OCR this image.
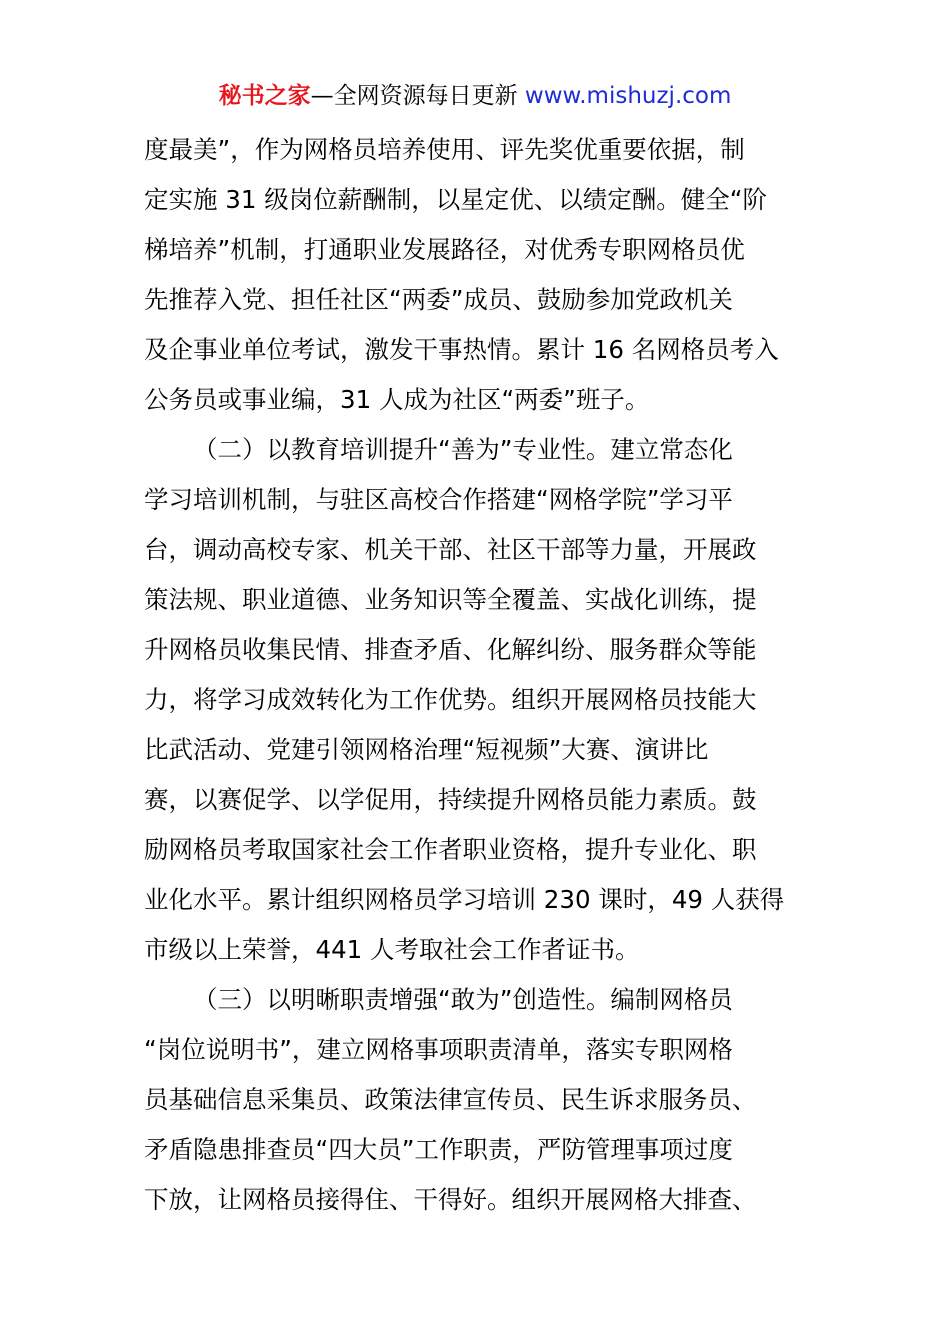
秘书之家—全网资源每日更新 www.mishuzj.com
度最美”，作为网格员培养使用、评先奖优重要依据，制
定实施 31 级岗位薪酬制，以星定优、以绩定酬。健全“阶
梯培养”机制，打通职业发展路径，对优秀专职网格员优
先推荐入党、担任社区“两委”成员、鼓励参加党政机关
及企事业单位考试，激发干事热情。累计 16 名网格员考入
公务员或事业编，31 人成为社区“两委”班子。
（二）以教育培训提升“善为”专业性。建立常态化
学习培训机制，与驻区高校合作搭建“网格学院”学习平
台，调动高校专家、机关干部、社区干部等力量，开展政
策法规、职业道德、业务知识等全覆盖、实战化训练，提
升网格员收集民情、排查矛盾、化解纠纷、服务群众等能
力，将学习成效转化为工作优势。组织开展网格员技能大
比武活动、党建引领网格治理“短视频”大赛、演讲比
赛，以赛促学、以学促用，持续提升网格员能力素质。鼓
励网格员考取国家社会工作者职业资格，提升专业化、职
业化水平。累计组织网格员学习培训 230 课时，49 人获得
市级以上荣誉，441 人考取社会工作者证书。
（三）以明晰职责增强“敢为”创造性。编制网格员
“岗位说明书”，建立网格事项职责清单，落实专职网格
员基础信息采集员、政策法律宣传员、民生诉求服务员、
矛盾隐患排查员“四大员”工作职责，严防管理事项过度
下放，让网格员接得住、干得好。组织开展网格大排查、
